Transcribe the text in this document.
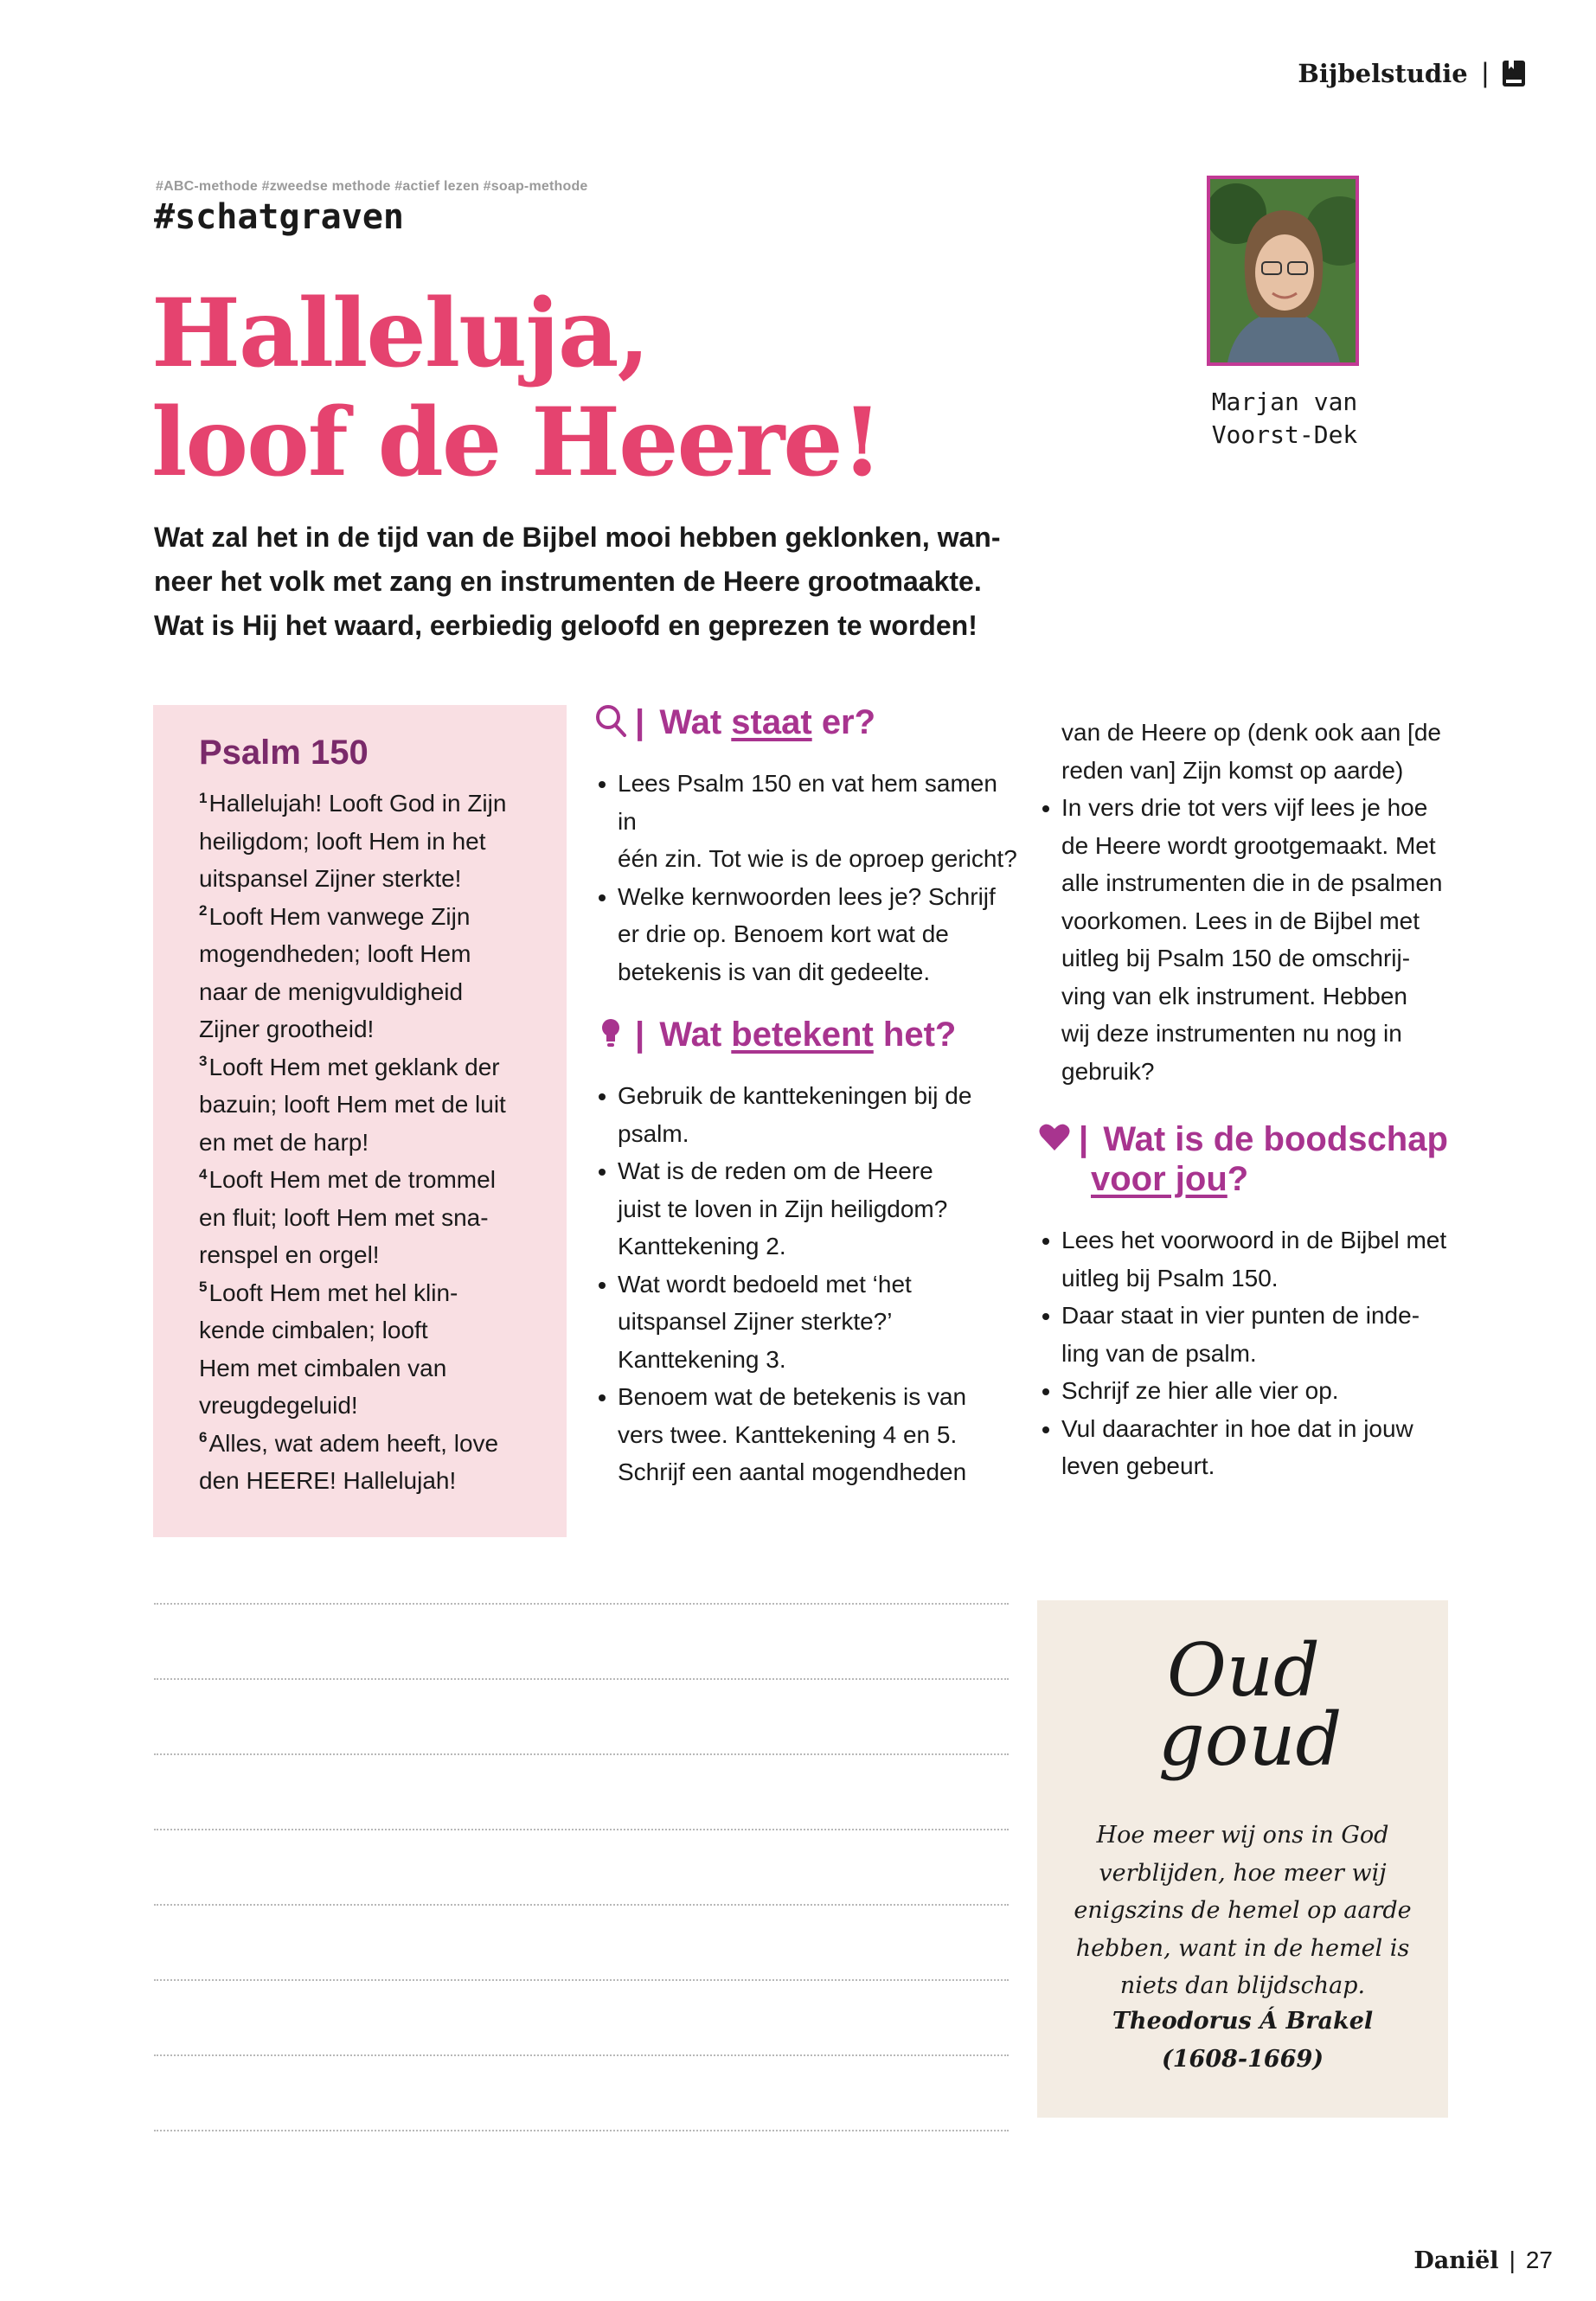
Bijbelstudie |
#ABC-methode #zweedse methode #actief lezen #soap-methode
#schatgraven
Halleluja,
loof de Heere!
Wat zal het in de tijd van de Bijbel mooi hebben geklonken, wan-
neer het volk met zang en instrumenten de Heere grootmaakte.
Wat is Hij het waard, eerbiedig geloofd en geprezen te worden!
Marjan van
Voorst-Dek
Psalm 150
$^1$Hallelujah! Looft God in Zijn
heiligdom; looft Hem in het
uitspansel Zijner sterkte!
$^2$Looft Hem vanwege Zijn
mogendheden; looft Hem
naar de menigvuldigheid
Zijner grootheid!
$^3$Looft Hem met geklank der
bazuin; looft Hem met de luit
en met de harp!
$^4$Looft Hem met de trommel
en fluit; looft Hem met sna-
renspel en orgel!
$^5$Looft Hem met hel klin-
kende cimbalen; looft
Hem met cimbalen van
vreugdegeluid!
$^6$Alles, wat adem heeft, love
den HEERE! Hallelujah!
| Wat staat er?
Lees Psalm 150 en vat hem samen in
één zin. Tot wie is de oproep gericht?
Welke kernwoorden lees je? Schrijf
er drie op. Benoem kort wat de
betekenis is van dit gedeelte.
| Wat betekent het?
Gebruik de kanttekeningen bij de
psalm.
Wat is de reden om de Heere
juist te loven in Zijn heiligdom?
Kanttekening 2.
Wat wordt bedoeld met ‘het
uitspansel Zijner sterkte?’
Kanttekening 3.
Benoem wat de betekenis is van
vers twee. Kanttekening 4 en 5.
Schrijf een aantal mogendheden
van de Heere op (denk ook aan [de
reden van] Zijn komst op aarde)
In vers drie tot vers vijf lees je hoe
de Heere wordt grootgemaakt. Met
alle instrumenten die in de psalmen
voorkomen. Lees in de Bijbel met
uitleg bij Psalm 150 de omschrij-
ving van elk instrument. Hebben
wij deze instrumenten nu nog in
gebruik?
| Wat is de boodschap
voor jou?
Lees het voorwoord in de Bijbel met
uitleg bij Psalm 150.
Daar staat in vier punten de inde-
ling van de psalm.
Schrijf ze hier alle vier op.
Vul daarachter in hoe dat in jouw
leven gebeurt.
Oud
goud
Hoe meer wij ons in God
verblijden, hoe meer wij
enigszins de hemel op aarde
hebben, want in de hemel is
niets dan blijdschap.
Theodorus Á Brakel
(1608-1669)
Daniël | 27
